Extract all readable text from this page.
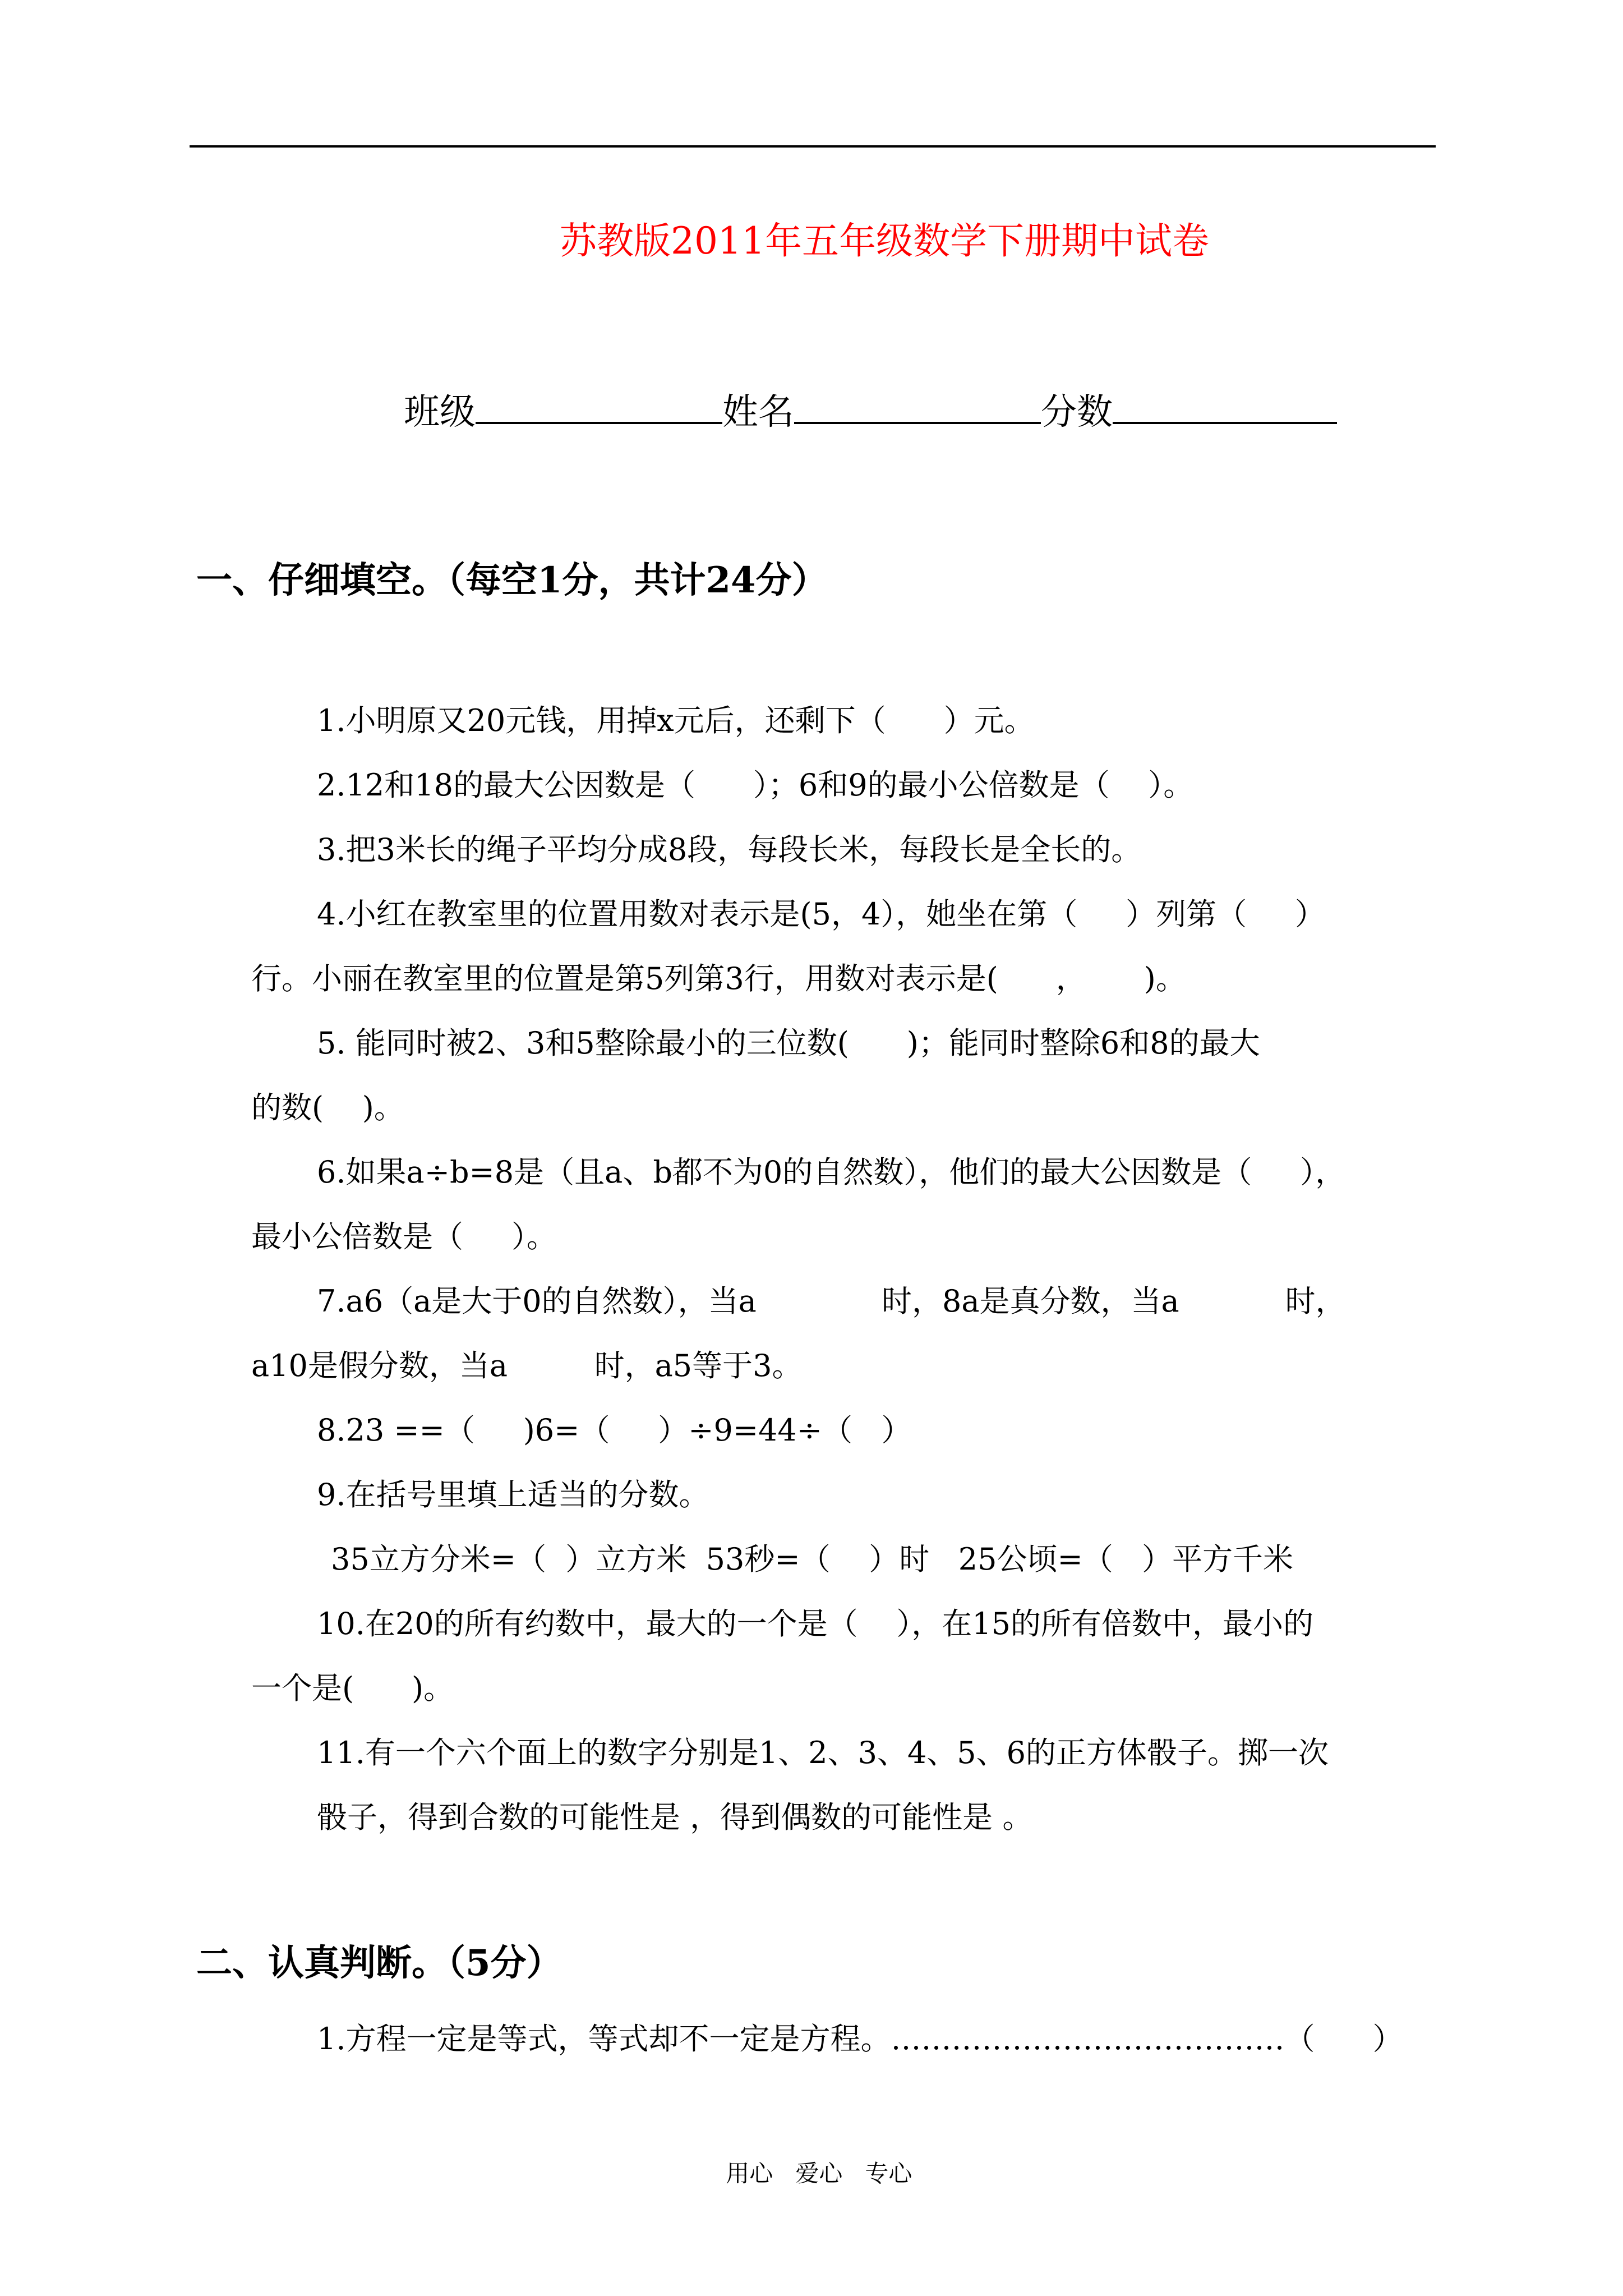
苏教版2011年五年级数学下册期中试卷
班级	姓名	分数
一、仔细填空。（每空1分，共计24分）
1.小明原又20元钱，用掉x元后，还剩下（      ）元。
2.12和18的最大公因数是（      ）；6和9的最小公倍数是（    ）。
3.把3米长的绳子平均分成8段，每段长米，每段长是全长的。
4.小红在教室里的位置用数对表示是(5，4），她坐在第（     ）列第（     ）
行。小丽在教室里的位置是第5列第3行，用数对表示是(      ，      )。
5. 能同时被2、3和5整除最小的三位数(      )；能同时整除6和8的最大
的数(    )。
6.如果a÷b=8是（且a、b都不为0的自然数），他们的最大公因数是（     ），
最小公倍数是（     ）。
7.a6（a是大于0的自然数），当a             时，8a是真分数，当a           时，
a10是假分数，当a         时，a5等于3。
8.23 ==（     )6=（     ）÷9=44÷（   ）
9.在括号里填上适当的分数。
35立方分米=（  ）立方米  53秒=（    ）时   25公顷=（   ）平方千米
10.在20的所有约数中，最大的一个是（    ），在15的所有倍数中，最小的
一个是(      )。
11.有一个六个面上的数字分别是1、2、3、4、5、6的正方体骰子。掷一次
骰子，得到合数的可能性是 ，得到偶数的可能性是 。
二、认真判断。（5分）
1.方程一定是等式，等式却不一定是方程。…………………………………（      ）

用心   爱心   专心
